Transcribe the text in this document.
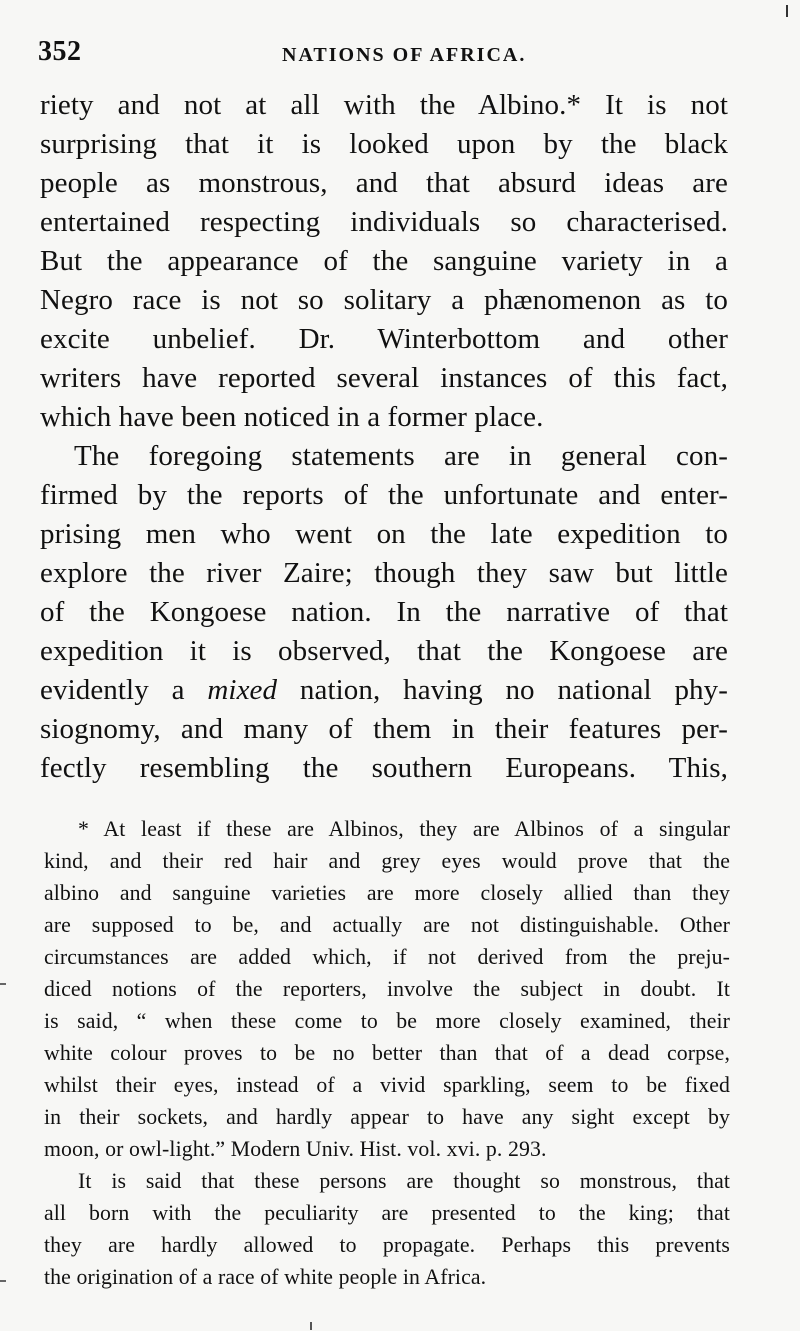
352	NATIONS OF AFRICA.
riety and not at all with the Albino.* It is not
surprising that it is looked upon by the black
people as monstrous, and that absurd ideas are
entertained respecting individuals so characterised.
But the appearance of the sanguine variety in a
Negro race is not so solitary a phænomenon as to
excite unbelief. Dr. Winterbottom and other
writers have reported several instances of this fact,
which have been noticed in a former place.
The foregoing statements are in general con-
firmed by the reports of the unfortunate and enter-
prising men who went on the late expedition to
explore the river Zaire; though they saw but little
of the Kongoese nation. In the narrative of that
expedition it is observed, that the Kongoese are
evidently a mixed nation, having no national phy-
siognomy, and many of them in their features per-
fectly resembling the southern Europeans. This,
* At least if these are Albinos, they are Albinos of a singular
kind, and their red hair and grey eyes would prove that the
albino and sanguine varieties are more closely allied than they
are supposed to be, and actually are not distinguishable. Other
circumstances are added which, if not derived from the preju-
diced notions of the reporters, involve the subject in doubt. It
is said, “ when these come to be more closely examined, their
white colour proves to be no better than that of a dead corpse,
whilst their eyes, instead of a vivid sparkling, seem to be fixed
in their sockets, and hardly appear to have any sight except by
moon, or owl-light.” Modern Univ. Hist. vol. xvi. p. 293.
It is said that these persons are thought so monstrous, that
all born with the peculiarity are presented to the king; that
they are hardly allowed to propagate. Perhaps this prevents
the origination of a race of white people in Africa.
